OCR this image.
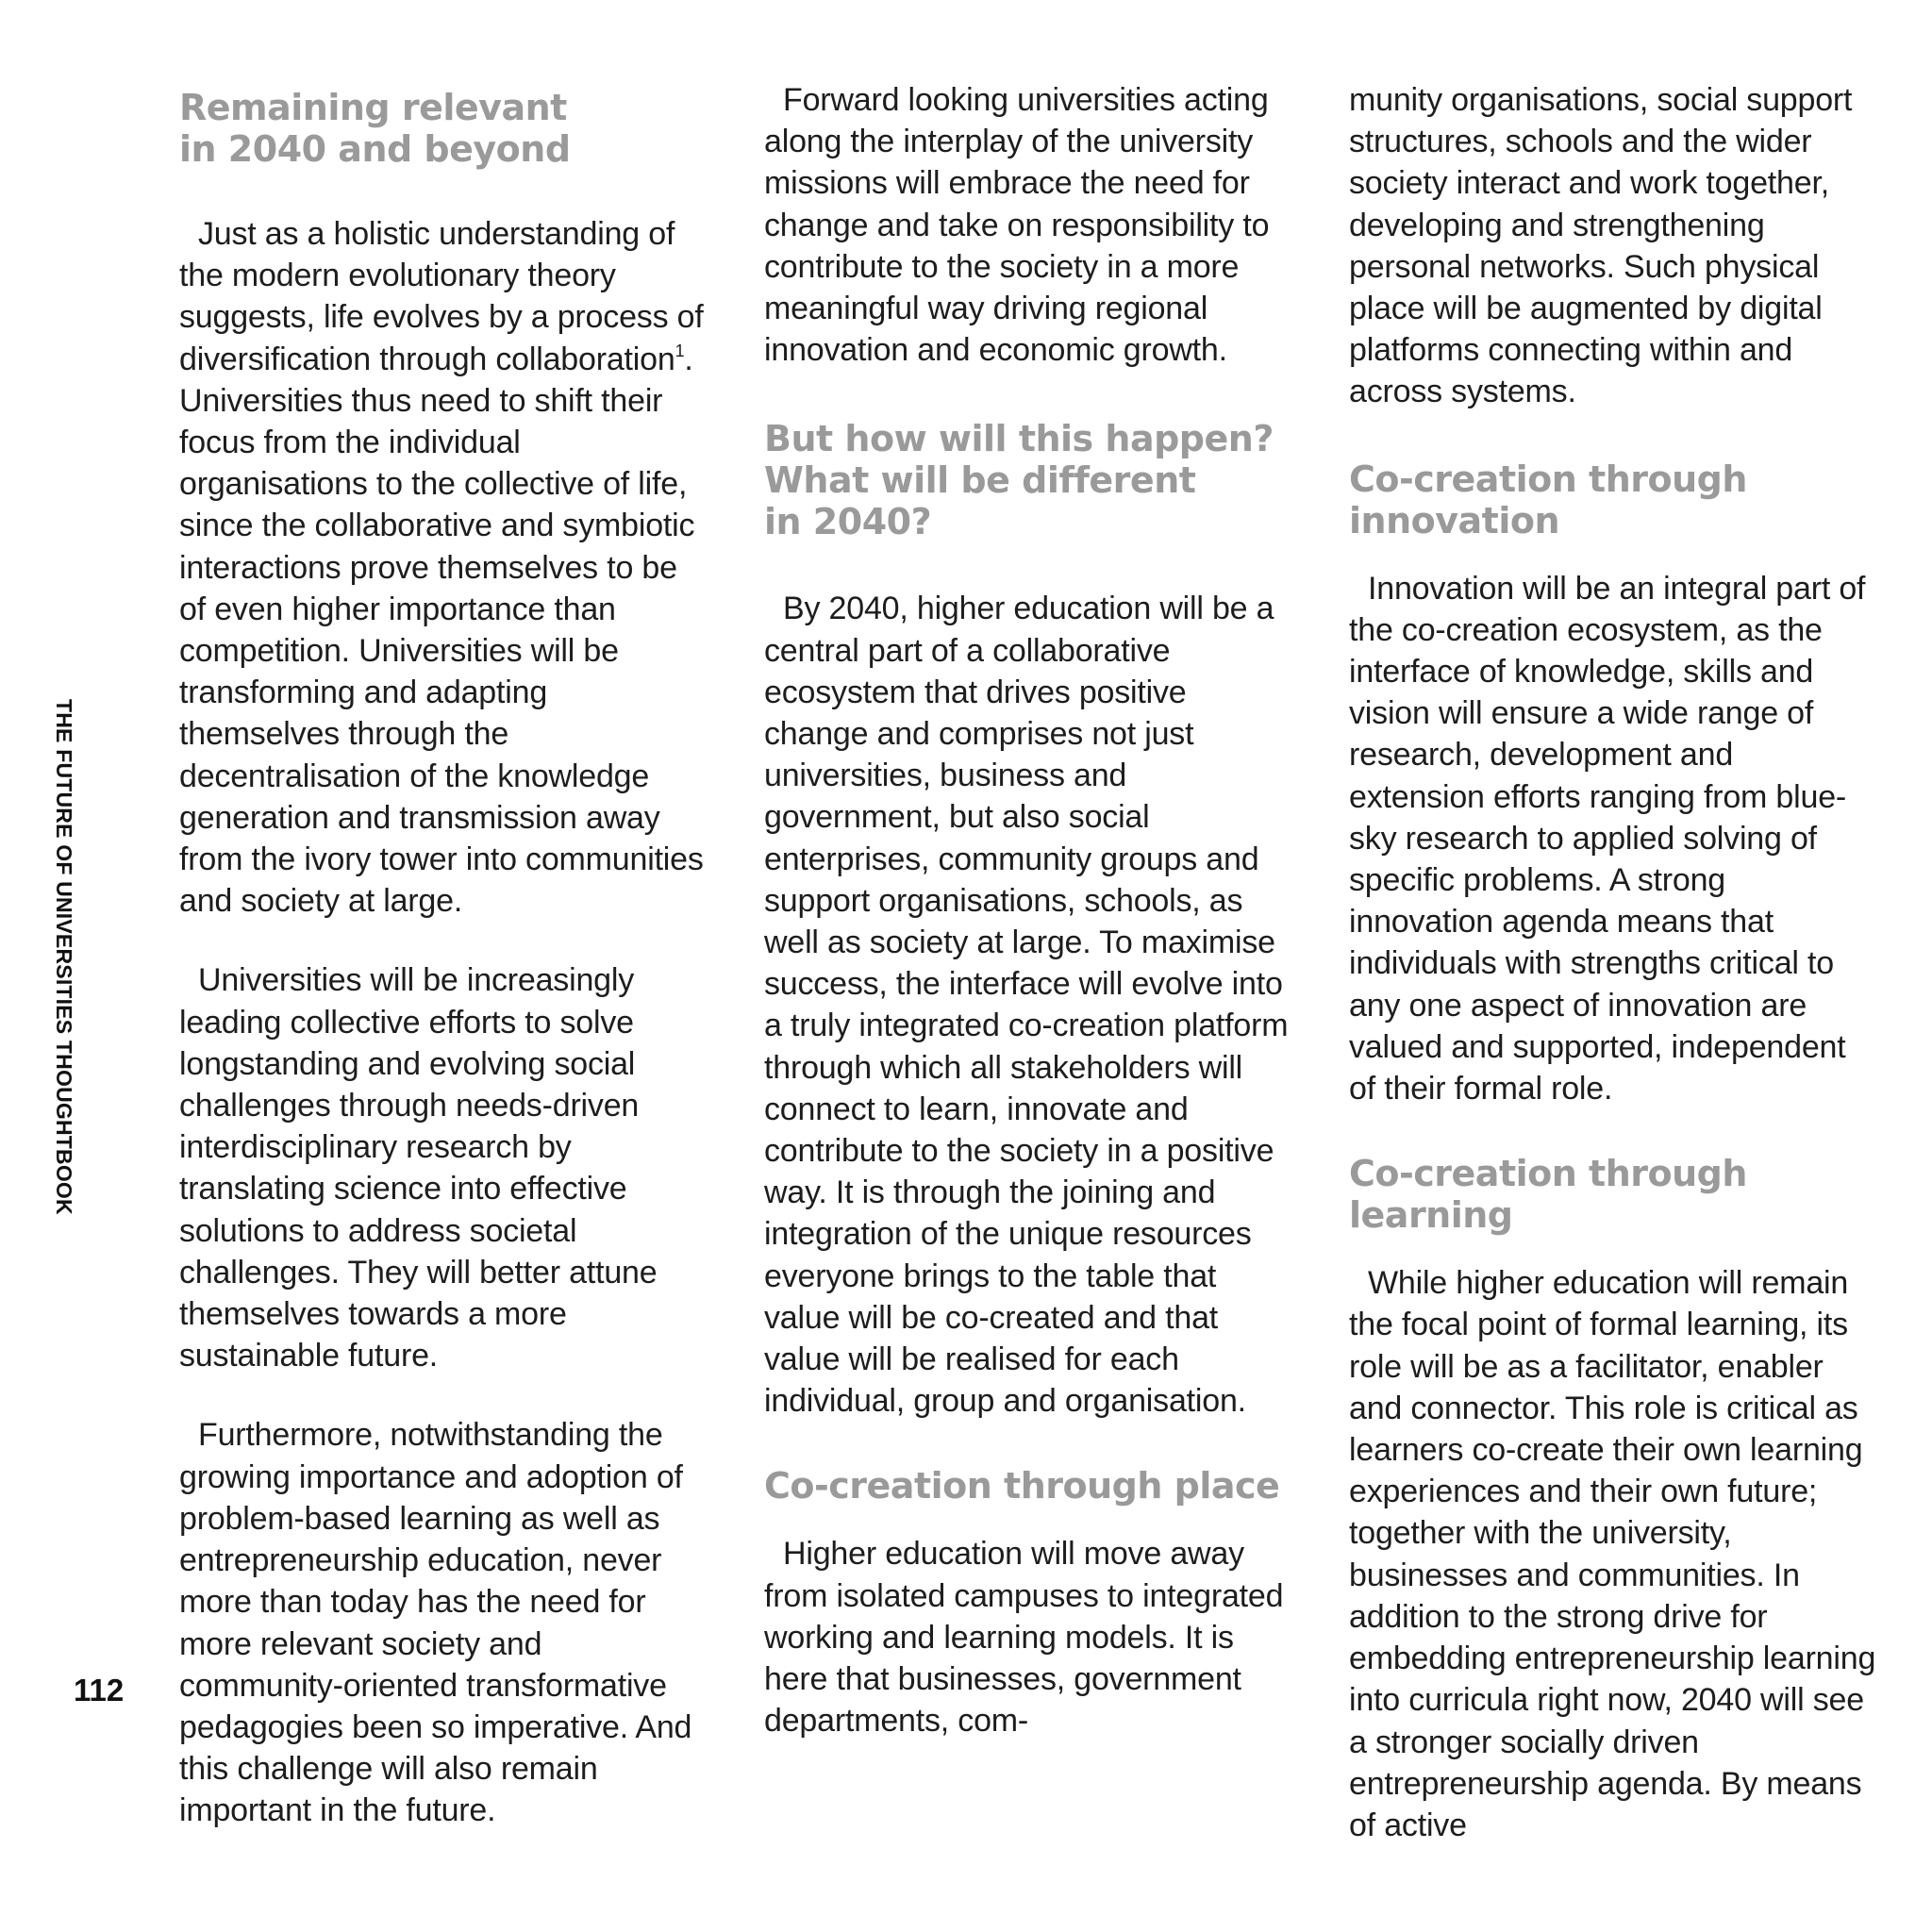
THE FUTURE OF UNIVERSITIES THOUGHTBOOK
112
Remaining relevant
in 2040 and beyond

Just as a holistic understanding of the modern evolutionary theory suggests, life evolves by a process of diversification through collaboration$^1$. Universities thus need to shift their focus from the individual organisations to the collective of life, since the collaborative and symbiotic interactions prove themselves to be of even higher importance than competition. Universities will be transforming and adapting themselves through the decentralisation of the knowledge generation and transmission away from the ivory tower into communities and society at large.

Universities will be increasingly leading collective efforts to solve longstanding and evolving social challenges through needs-driven interdisciplinary research by translating science into effective solutions to address societal challenges. They will better attune themselves towards a more sustainable future.

Furthermore, notwithstanding the growing importance and adoption of problem-based learning as well as entrepreneurship education, never more than today has the need for more relevant society and community-oriented transformative pedagogies been so imperative. And this challenge will also remain important in the future.

Forward looking universities acting along the interplay of the university missions will embrace the need for change and take on responsibility to contribute to the society in a more meaningful way driving regional innovation and economic growth.

But how will this happen?
What will be different
in 2040?

By 2040, higher education will be a central part of a collaborative ecosystem that drives positive change and comprises not just universities, business and government, but also social enterprises, community groups and support organisations, schools, as well as society at large. To maximise success, the interface will evolve into a truly integrated co-creation platform through which all stakeholders will connect to learn, innovate and contribute to the society in a positive way. It is through the joining and integration of the unique resources everyone brings to the table that value will be co-created and that value will be realised for each individual, group and organisation.

Co-creation through place

Higher education will move away from isolated campuses to integrated working and learning models. It is here that businesses, government departments, com-

munity organisations, social support structures, schools and the wider society interact and work together, developing and strengthening personal networks. Such physical place will be augmented by digital platforms connecting within and across systems.

Co-creation through
innovation

Innovation will be an integral part of the co-creation ecosystem, as the interface of knowledge, skills and vision will ensure a wide range of research, development and extension efforts ranging from blue-sky research to applied solving of specific problems. A strong innovation agenda means that individuals with strengths critical to any one aspect of innovation are valued and supported, independent of their formal role.

Co-creation through
learning

While higher education will remain the focal point of formal learning, its role will be as a facilitator, enabler and connector. This role is critical as learners co-create their own learning experiences and their own future; together with the university, businesses and communities. In addition to the strong drive for embedding entrepreneurship learning into curricula right now, 2040 will see a stronger socially driven entrepreneurship agenda. By means of active
